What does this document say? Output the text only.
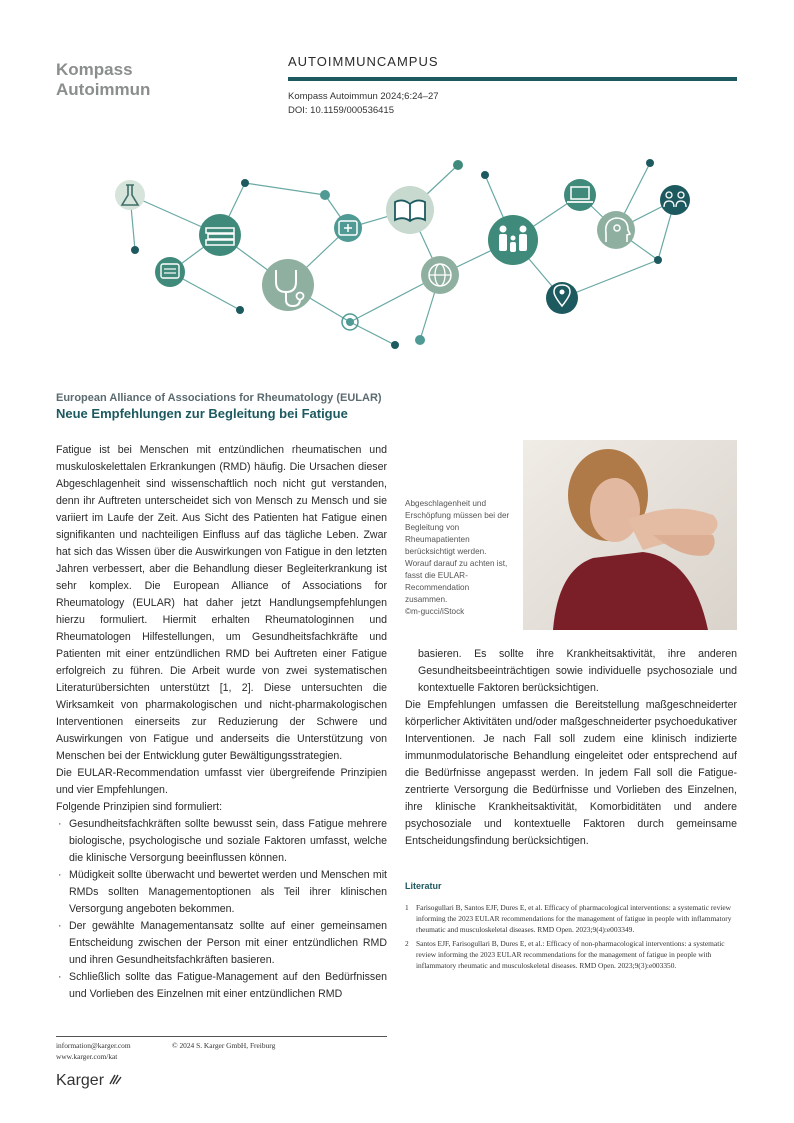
Kompass
Autoimmun
AUTOIMMUNCAMPUS
Kompass Autoimmun 2024;6:24–27
DOI: 10.1159/000536415
European Alliance of Associations for Rheumatology (EULAR)
Neue Empfehlungen zur Begleitung bei Fatigue

Fatigue ist bei Menschen mit entzündlichen rheumatischen und muskuloskelettalen Erkrankungen (RMD) häufig. Die Ursachen dieser Abgeschlagenheit sind wissenschaftlich noch nicht gut verstanden, denn ihr Auftreten unterscheidet sich von Mensch zu Mensch und sie variiert im Laufe der Zeit. Aus Sicht des Patienten hat Fatigue einen signifikanten und nachteiligen Einfluss auf das tägliche Leben. Zwar hat sich das Wissen über die Auswirkungen von Fatigue in den letzten Jahren verbessert, aber die Behandlung dieser Begleiterkrankung ist sehr komplex. Die European Alliance of Associations for Rheumatology (EULAR) hat daher jetzt Handlungsempfehlungen hierzu formuliert. Hiermit erhalten Rheumatologinnen und Rheumatologen Hilfestellungen, um Gesundheitsfachkräfte und Patienten mit einer entzündlichen RMD bei Auftreten einer Fatigue erfolgreich zu führen. Die Arbeit wurde von zwei systematischen Literaturübersichten unterstützt [1, 2]. Diese untersuchten die Wirksamkeit von pharmakologischen und nicht-pharmakologischen Interventionen einerseits zur Reduzierung der Schwere und Auswirkungen von Fatigue und anderseits die Unterstützung von Menschen bei der Entwicklung guter Bewältigungsstrategien.

Die EULAR-Recommendation umfasst vier übergreifende Prinzipien und vier Empfehlungen.

Folgende Prinzipien sind formuliert:

· Gesundheitsfachkräften sollte bewusst sein, dass Fatigue mehrere biologische, psychologische und soziale Faktoren umfasst, welche die klinische Versorgung beeinflussen können.
· Müdigkeit sollte überwacht und bewertet werden und Menschen mit RMDs sollten Managementoptionen als Teil ihrer klinischen Versorgung angeboten bekommen.
· Der gewählte Managementansatz sollte auf einer gemeinsamen Entscheidung zwischen der Person mit einer entzündlichen RMD und ihren Gesundheitsfachkräften basieren.
· Schließlich sollte das Fatigue-Management auf den Bedürfnissen und Vorlieben des Einzelnen mit einer entzündlichen RMD
Abgeschlagenheit und Erschöpfung müssen bei der Begleitung von Rheumapatienten berücksichtigt werden. Worauf darauf zu achten ist, fasst die EULAR-Recommendation zusammen.
©m-gucci/iStock

basieren. Es sollte ihre Krankheitsaktivität, ihre anderen Gesundheitsbeeinträchtigen sowie individuelle psychosoziale und kontextuelle Faktoren berücksichtigen.

Die Empfehlungen umfassen die Bereitstellung maßgeschneiderter körperlicher Aktivitäten und/oder maßgeschneiderter psychoedukativer Interventionen. Je nach Fall soll zudem eine klinisch indizierte immunmodulatorische Behandlung eingeleitet oder entsprechend auf die Bedürfnisse angepasst werden. In jedem Fall soll die Fatigue-zentrierte Versorgung die Bedürfnisse und Vorlieben des Einzelnen, ihre klinische Krankheitsaktivität, Komorbiditäten und andere psychosoziale und kontextuelle Faktoren durch gemeinsame Entscheidungsfindung berücksichtigen.

Literatur
1 Farisogullari B, Santos EJF, Dures E, et al. Efficacy of pharmacological interventions: a systematic review informing the 2023 EULAR recommendations for the management of fatigue in people with inflammatory rheumatic and musculoskeletal diseases. RMD Open. 2023;9(4):e003349.
2 Santos EJF, Farisogullari B, Dures E, et al.: Efficacy of non-pharmacological interventions: a systematic review informing the 2023 EULAR recommendations for the management of fatigue in people with inflammatory rheumatic and musculoskeletal diseases. RMD Open. 2023;9(3):e003350.
information@karger.com
www.karger.com/kat
© 2024 S. Karger GmbH, Freiburg
Karger
